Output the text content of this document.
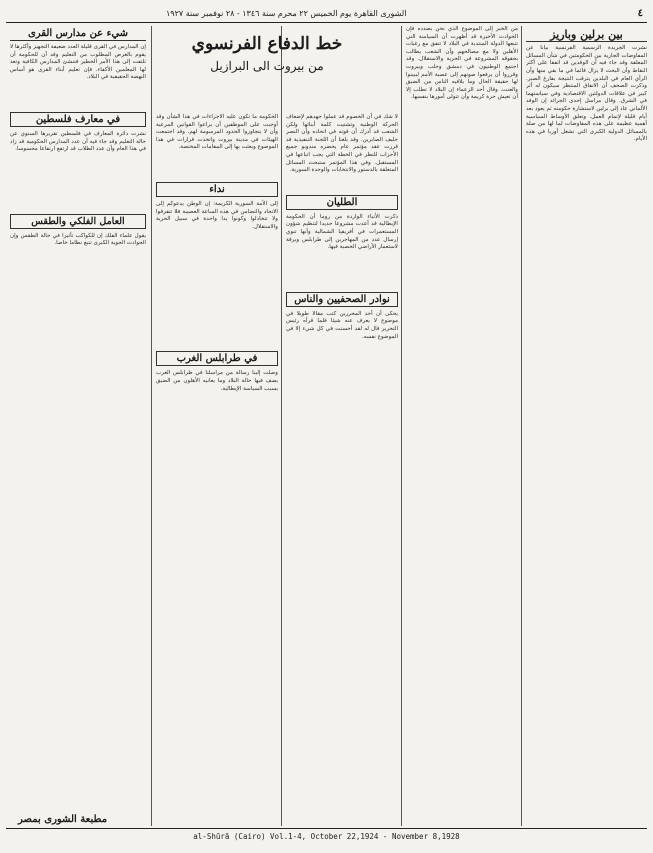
٤
الشورى القاهرة يوم الخميس ٢٢ محرم سنة ١٣٤٦ - ٢٨ نوفمبر سنة ١٩٢٧
بين برلين وباريز
نشرت الجريدة الرسمية الفرنسية بيانا عن المفاوضات الجارية بين الحكومتين في شأن المسائل المعلقة وقد جاء فيه أن الوفدين قد اتفقا على أكثر النقاط وأن البحث لا يزال قائما في ما بقي منها وأن الرأي العام في البلدين يترقب النتيجة بفارغ الصبر. وذكرت الصحف أن الاتفاق المنتظر سيكون له أثر كبير في علاقات الدولتين الاقتصادية وفي سياستهما في الشرق. وقال مراسل إحدى الجرائد إن الوفد الألماني عاد إلى برلين لاستشارة حكومته ثم يعود بعد أيام قليلة لإتمام العمل. وتعلق الأوساط السياسية أهمية عظيمة على هذه المفاوضات لما لها من صلة بالمسائل الدولية الكبرى التي تشغل أوربا في هذه الأيام.
من الخبر إلى الموضوع الذي نحن بصدده فإن الحوادث الأخيرة قد أظهرت أن السياسة التي تتبعها الدولة المنتدبة في البلاد لا تتفق مع رغبات الأهلين ولا مع مصالحهم وأن الشعب يطالب بحقوقه المشروعة في الحرية والاستقلال. وقد اجتمع الوطنيون في دمشق وحلب وبيروت وقرروا أن يرفعوا صوتهم إلى عصبة الأمم ليبينوا لها حقيقة الحال وما يلاقيه الناس من الضيق والعنت. وقال أحد الزعماء إن البلاد لا تطلب إلا أن تعيش حرة كريمة وأن تتولى أمورها بنفسها.
لا شك في أن الخصوم قد عملوا جهدهم لإضعاف الحركة الوطنية وتشتيت كلمة أبنائها ولكن الشعب قد أدرك أن قوته في اتحاده وأن النصر حليف الصابرين. وقد بلغنا أن اللجنة التنفيذية قد قررت عقد مؤتمر عام يحضره مندوبو جميع الأحزاب للنظر في الخطة التي يجب اتباعها في المستقبل. وفي هذا المؤتمر ستبحث المسائل المتعلقة بالدستور والانتخابات والوحدة السورية.
الطليان
ذكرت الأنباء الواردة من روما أن الحكومة الإيطالية قد أعدت مشروعا جديدا لتنظيم شؤون المستعمرات في أفريقيا الشمالية وأنها تنوي إرسال عدد من المهاجرين إلى طرابلس وبرقة لاستعمار الأراضي الخصبة فيها.
نوادر الصحفيين والناس
يحكى أن أحد المحررين كتب مقالا طويلا في موضوع لا يعرف عنه شيئا فلما قرأه رئيس التحرير قال له لقد أحسنت في كل شيء إلا في الموضوع نفسه.
الحكومة ما تكون عليه الاجراءات في هذا الشأن وقد أوجبت على الموظفين أن يراعوا القوانين المرعية وأن لا يتجاوزوا الحدود المرسومة لهم. وقد اجتمعت الهيئات في مدينة بيروت واتخذت قرارات في هذا الموضوع وبعثت بها إلى المقامات المختصة.
نداء
إلى الأمة السورية الكريمة: إن الوطن يدعوكم إلى الاتحاد والتضامن في هذه الساعة العصيبة فلا تتفرقوا ولا تتخاذلوا وكونوا يدا واحدة في سبيل الحرية والاستقلال.
في طرابلس الغرب
وصلت إلينا رسالة من مراسلنا في طرابلس الغرب يصف فيها حالة البلاد وما يعانيه الأهلون من الضيق بسبب السياسة الإيطالية.
شيء عن مدارس القرى
إن المدارس في القرى قليلة العدد ضعيفة التجهيز وأكثرها لا يقوم بالغرض المطلوب من التعليم وقد آن للحكومة أن تلتفت إلى هذا الأمر الخطير فتنشئ المدارس الكافية وتعد لها المعلمين الأكفاء. فإن تعليم أبناء القرى هو أساس النهضة الحقيقية في البلاد.
في معارف فلسطين
نشرت دائرة المعارف في فلسطين تقريرها السنوي عن حالة التعليم وقد جاء فيه أن عدد المدارس الحكومية قد زاد في هذا العام وأن عدد الطلاب قد ارتفع ارتفاعا محسوسا.
العامل الفلكي والطقس
يقول علماء الفلك إن للكواكب تأثيرا في حالة الطقس وإن الحوادث الجوية الكبرى تتبع نظاما خاصا.
خط الدفاع الفرنسوي
من بيروت الى البرازيل
مطبعة الشورى بمصر
al-Shūrā (Cairo) Vol.1-4, October 22,1924 - November 8,1928
